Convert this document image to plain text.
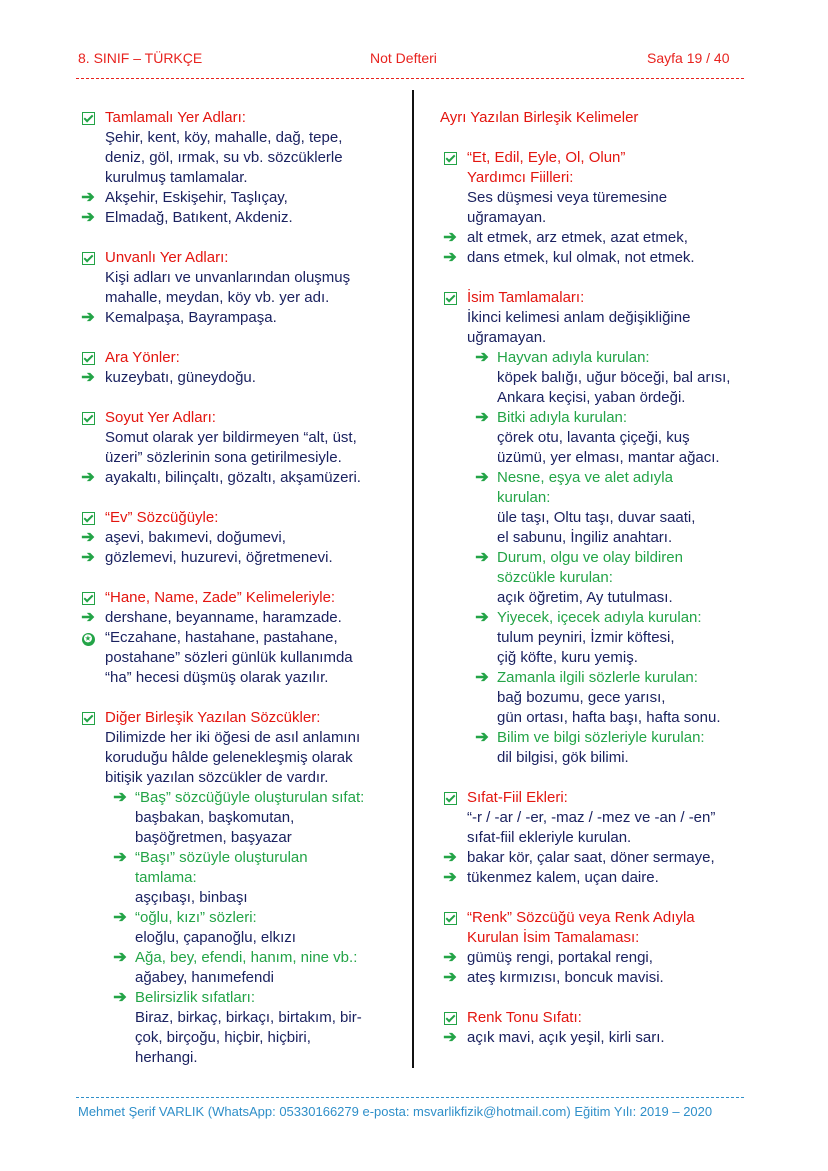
8. SINIF – TÜRKÇE	Not Defteri	Sayfa 19 / 40
Tamlamalı Yer Adları:
Şehir, kent, köy, mahalle, dağ, tepe,
deniz, göl, ırmak, su vb. sözcüklerle
kurulmuş tamlamalar.
➔ Akşehir, Eskişehir, Taşlıçay,
➔ Elmadağ, Batıkent, Akdeniz.
Unvanlı Yer Adları:
Kişi adları ve unvanlarından oluşmuş
mahalle, meydan, köy vb. yer adı.
➔ Kemalpaşa, Bayrampaşa.
Ara Yönler:
➔ kuzeybatı, güneydoğu.
Soyut Yer Adları:
Somut olarak yer bildirmeyen “alt, üst,
üzeri” sözlerinin sona getirilmesiyle.
➔ ayakaltı, bilinçaltı, gözaltı, akşamüzeri.
“Ev” Sözcüğüyle:
➔ aşevi, bakımevi, doğumevi,
➔ gözlemevi, huzurevi, öğretmenevi.
“Hane, Name, Zade” Kelimeleriyle:
➔ dershane, beyanname, haramzade.
✪ “Eczahane, hastahane, pastahane,
postahane” sözleri günlük kullanımda
“ha” hecesi düşmüş olarak yazılır.
Diğer Birleşik Yazılan Sözcükler:
Dilimizde her iki öğesi de asıl anlamını
koruduğu hâlde gelenekleşmiş olarak
bitişik yazılan sözcükler de vardır.
➔ “Baş” sözcüğüyle oluşturulan sıfat:
başbakan, başkomutan,
başöğretmen, başyazar
➔ “Başı” sözüyle oluşturulan
tamlama:
aşçıbaşı, binbaşı
➔ “oğlu, kızı” sözleri:
eloğlu, çapanoğlu, elkızı
➔ Ağa, bey, efendi, hanım, nine vb.:
ağabey, hanımefendi
➔ Belirsizlik sıfatları:
Biraz, birkaç, birkaçı, birtakım, bir-
çok, birçoğu, hiçbir, hiçbiri,
herhangi.
Ayrı Yazılan Birleşik Kelimeler
“Et, Edil, Eyle, Ol, Olun”
Yardımcı Fiilleri:
Ses düşmesi veya türemesine
uğramayan.
➔ alt etmek, arz etmek, azat etmek,
➔ dans etmek, kul olmak, not etmek.
İsim Tamlamaları:
İkinci kelimesi anlam değişikliğine
uğramayan.
➔ Hayvan adıyla kurulan:
köpek balığı, uğur böceği, bal arısı,
Ankara keçisi, yaban ördeği.
➔ Bitki adıyla kurulan:
çörek otu, lavanta çiçeği, kuş
üzümü, yer elması, mantar ağacı.
➔ Nesne, eşya ve alet adıyla
kurulan:
üle taşı, Oltu taşı, duvar saati,
el sabunu, İngiliz anahtarı.
➔ Durum, olgu ve olay bildiren
sözcükle kurulan:
açık öğretim, Ay tutulması.
➔ Yiyecek, içecek adıyla kurulan:
tulum peyniri, İzmir köftesi,
çiğ köfte, kuru yemiş.
➔ Zamanla ilgili sözlerle kurulan:
bağ bozumu, gece yarısı,
gün ortası, hafta başı, hafta sonu.
➔ Bilim ve bilgi sözleriyle kurulan:
dil bilgisi, gök bilimi.
Sıfat-Fiil Ekleri:
“-r / -ar / -er, -maz / -mez ve -an / -en”
sıfat-fiil ekleriyle kurulan.
➔ bakar kör, çalar saat, döner sermaye,
➔ tükenmez kalem, uçan daire.
“Renk” Sözcüğü veya Renk Adıyla
Kurulan İsim Tamalaması:
➔ gümüş rengi, portakal rengi,
➔ ateş kırmızısı, boncuk mavisi.
Renk Tonu Sıfatı:
➔ açık mavi, açık yeşil, kirli sarı.
Mehmet Şerif VARLIK (WhatsApp: 05330166279 e-posta: msvarlikfizik@hotmail.com) Eğitim Yılı: 2019 – 2020
